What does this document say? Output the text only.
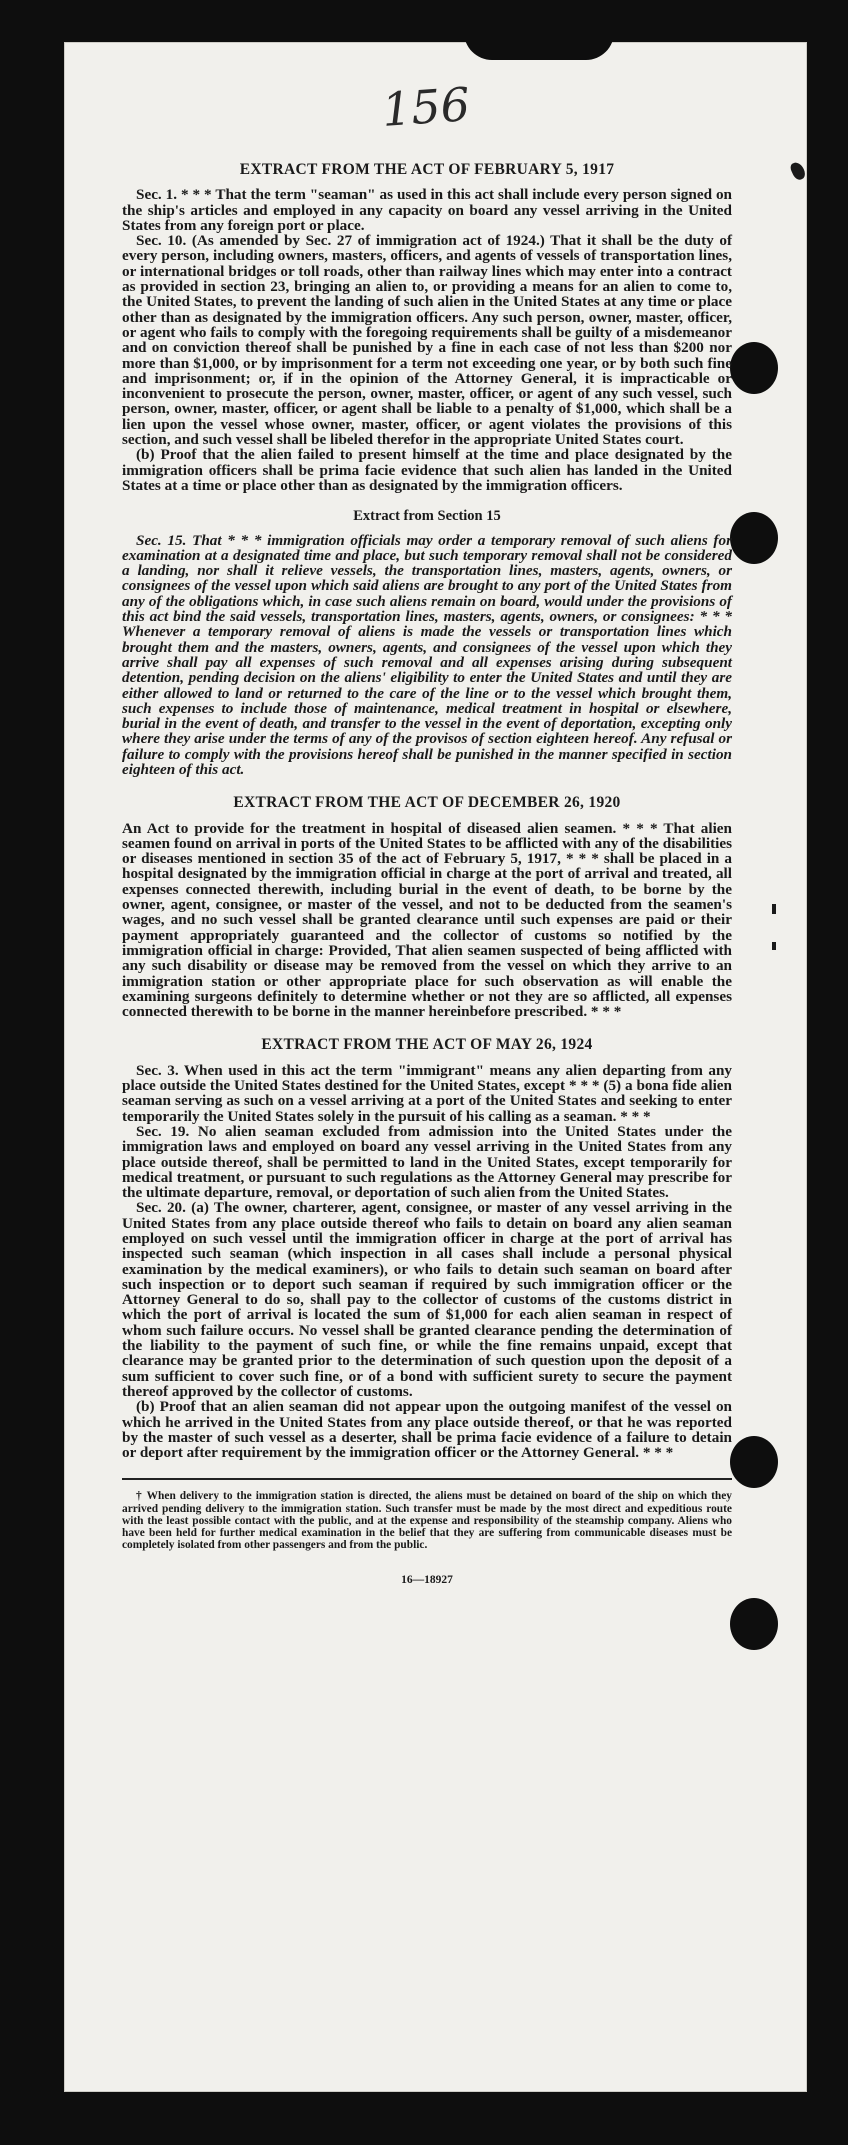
156
EXTRACT FROM THE ACT OF FEBRUARY 5, 1917

Sec. 1. * * * That the term "seaman" as used in this act shall include every person signed on the ship's articles and employed in any capacity on board any vessel arriving in the United States from any foreign port or place.

Sec. 10. (As amended by Sec. 27 of immigration act of 1924.) That it shall be the duty of every person, including owners, masters, officers, and agents of vessels of transportation lines, or international bridges or toll roads, other than railway lines which may enter into a contract as provided in section 23, bringing an alien to, or providing a means for an alien to come to, the United States, to prevent the landing of such alien in the United States at any time or place other than as designated by the immigration officers. Any such person, owner, master, officer, or agent who fails to comply with the foregoing requirements shall be guilty of a misdemeanor and on conviction thereof shall be punished by a fine in each case of not less than $200 nor more than $1,000, or by imprisonment for a term not exceeding one year, or by both such fine and imprisonment; or, if in the opinion of the Attorney General, it is impracticable or inconvenient to prosecute the person, owner, master, officer, or agent of any such vessel, such person, owner, master, officer, or agent shall be liable to a penalty of $1,000, which shall be a lien upon the vessel whose owner, master, officer, or agent violates the provisions of this section, and such vessel shall be libeled therefor in the appropriate United States court.

(b) Proof that the alien failed to present himself at the time and place designated by the immigration officers shall be prima facie evidence that such alien has landed in the United States at a time or place other than as designated by the immigration officers.

Extract from Section 15

Sec. 15. That * * * immigration officials may order a temporary removal of such aliens for examination at a designated time and place, but such temporary removal shall not be considered a landing, nor shall it relieve vessels, the transportation lines, masters, agents, owners, or consignees of the vessel upon which said aliens are brought to any port of the United States from any of the obligations which, in case such aliens remain on board, would under the provisions of this act bind the said vessels, transportation lines, masters, agents, owners, or consignees: * * * Whenever a temporary removal of aliens is made the vessels or transportation lines which brought them and the masters, owners, agents, and consignees of the vessel upon which they arrive shall pay all expenses of such removal and all expenses arising during subsequent detention, pending decision on the aliens' eligibility to enter the United States and until they are either allowed to land or returned to the care of the line or to the vessel which brought them, such expenses to include those of maintenance, medical treatment in hospital or elsewhere, burial in the event of death, and transfer to the vessel in the event of deportation, excepting only where they arise under the terms of any of the provisos of section eighteen hereof. Any refusal or failure to comply with the provisions hereof shall be punished in the manner specified in section eighteen of this act.

EXTRACT FROM THE ACT OF DECEMBER 26, 1920

An Act to provide for the treatment in hospital of diseased alien seamen. * * * That alien seamen found on arrival in ports of the United States to be afflicted with any of the disabilities or diseases mentioned in section 35 of the act of February 5, 1917, * * * shall be placed in a hospital designated by the immigration official in charge at the port of arrival and treated, all expenses connected therewith, including burial in the event of death, to be borne by the owner, agent, consignee, or master of the vessel, and not to be deducted from the seamen's wages, and no such vessel shall be granted clearance until such expenses are paid or their payment appropriately guaranteed and the collector of customs so notified by the immigration official in charge: Provided, That alien seamen suspected of being afflicted with any such disability or disease may be removed from the vessel on which they arrive to an immigration station or other appropriate place for such observation as will enable the examining surgeons definitely to determine whether or not they are so afflicted, all expenses connected therewith to be borne in the manner hereinbefore prescribed. * * *

EXTRACT FROM THE ACT OF MAY 26, 1924

Sec. 3. When used in this act the term "immigrant" means any alien departing from any place outside the United States destined for the United States, except * * * (5) a bona fide alien seaman serving as such on a vessel arriving at a port of the United States and seeking to enter temporarily the United States solely in the pursuit of his calling as a seaman. * * *

Sec. 19. No alien seaman excluded from admission into the United States under the immigration laws and employed on board any vessel arriving in the United States from any place outside thereof, shall be permitted to land in the United States, except temporarily for medical treatment, or pursuant to such regulations as the Attorney General may prescribe for the ultimate departure, removal, or deportation of such alien from the United States.

Sec. 20. (a) The owner, charterer, agent, consignee, or master of any vessel arriving in the United States from any place outside thereof who fails to detain on board any alien seaman employed on such vessel until the immigration officer in charge at the port of arrival has inspected such seaman (which inspection in all cases shall include a personal physical examination by the medical examiners), or who fails to detain such seaman on board after such inspection or to deport such seaman if required by such immigration officer or the Attorney General to do so, shall pay to the collector of customs of the customs district in which the port of arrival is located the sum of $1,000 for each alien seaman in respect of whom such failure occurs. No vessel shall be granted clearance pending the determination of the liability to the payment of such fine, or while the fine remains unpaid, except that clearance may be granted prior to the determination of such question upon the deposit of a sum sufficient to cover such fine, or of a bond with sufficient surety to secure the payment thereof approved by the collector of customs.

(b) Proof that an alien seaman did not appear upon the outgoing manifest of the vessel on which he arrived in the United States from any place outside thereof, or that he was reported by the master of such vessel as a deserter, shall be prima facie evidence of a failure to detain or deport after requirement by the immigration officer or the Attorney General. * * *

† When delivery to the immigration station is directed, the aliens must be detained on board of the ship on which they arrived pending delivery to the immigration station. Such transfer must be made by the most direct and expeditious route with the least possible contact with the public, and at the expense and responsibility of the steamship company. Aliens who have been held for further medical examination in the belief that they are suffering from communicable diseases must be completely isolated from other passengers and from the public.

16—18927
